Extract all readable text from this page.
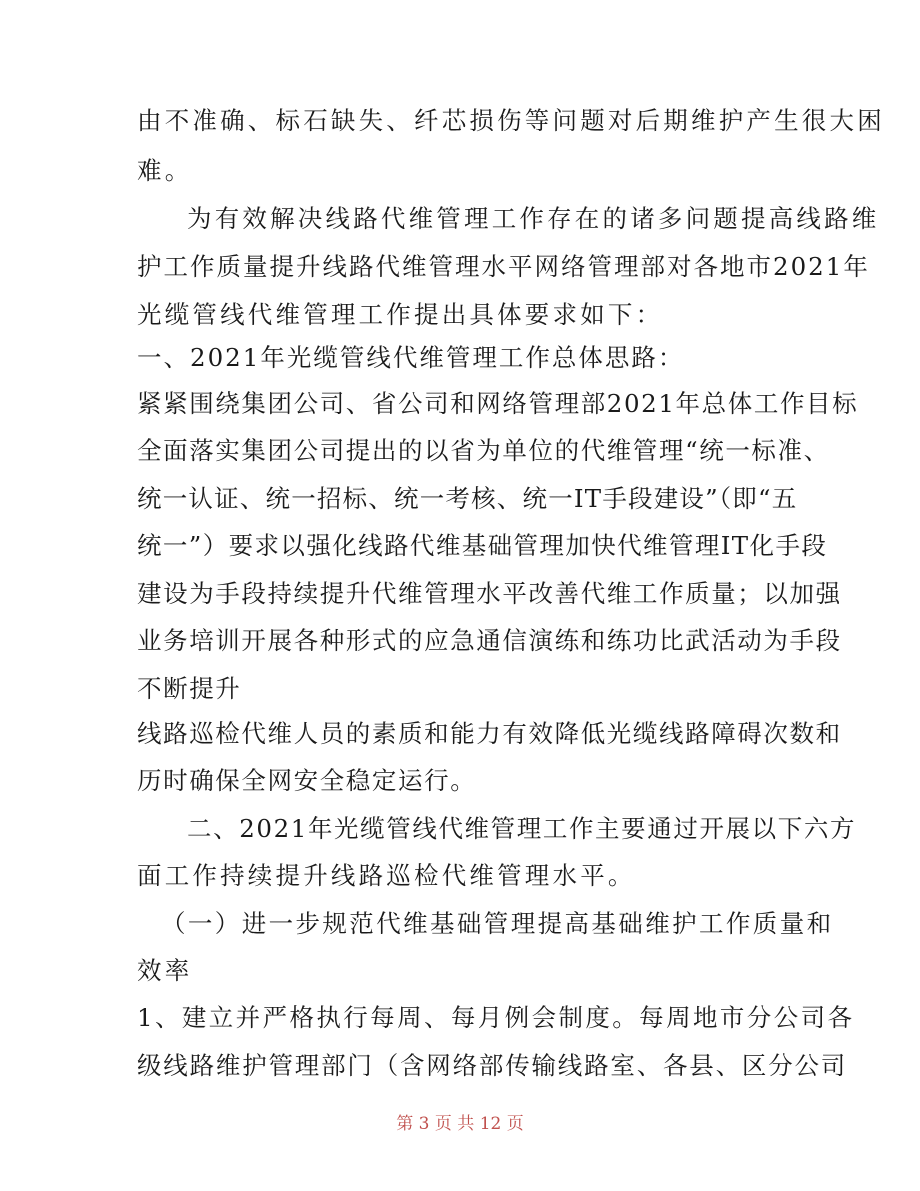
由不准确、标石缺失、纤芯损伤等问题对后期维护产生很大困
难。
为有效解决线路代维管理工作存在的诸多问题提高线路维
护工作质量提升线路代维管理水平网络管理部对各地市2021年
光缆管线代维管理工作提出具体要求如下：
一、2021年光缆管线代维管理工作总体思路：
紧紧围绕集团公司、省公司和网络管理部2021年总体工作目标
全面落实集团公司提出的以省为单位的代维管理“统一标准、
统一认证、统一招标、统一考核、统一IT手段建设”（即“五
统一”）要求以强化线路代维基础管理加快代维管理IT化手段
建设为手段持续提升代维管理水平改善代维工作质量；以加强
业务培训开展各种形式的应急通信演练和练功比武活动为手段
不断提升
线路巡检代维人员的素质和能力有效降低光缆线路障碍次数和
历时确保全网安全稳定运行。
二、2021年光缆管线代维管理工作主要通过开展以下六方
面工作持续提升线路巡检代维管理水平。
（一）进一步规范代维基础管理提高基础维护工作质量和
效率
1、建立并严格执行每周、每月例会制度。每周地市分公司各
级线路维护管理部门（含网络部传输线路室、各县、区分公司
第 3 页 共 12 页
